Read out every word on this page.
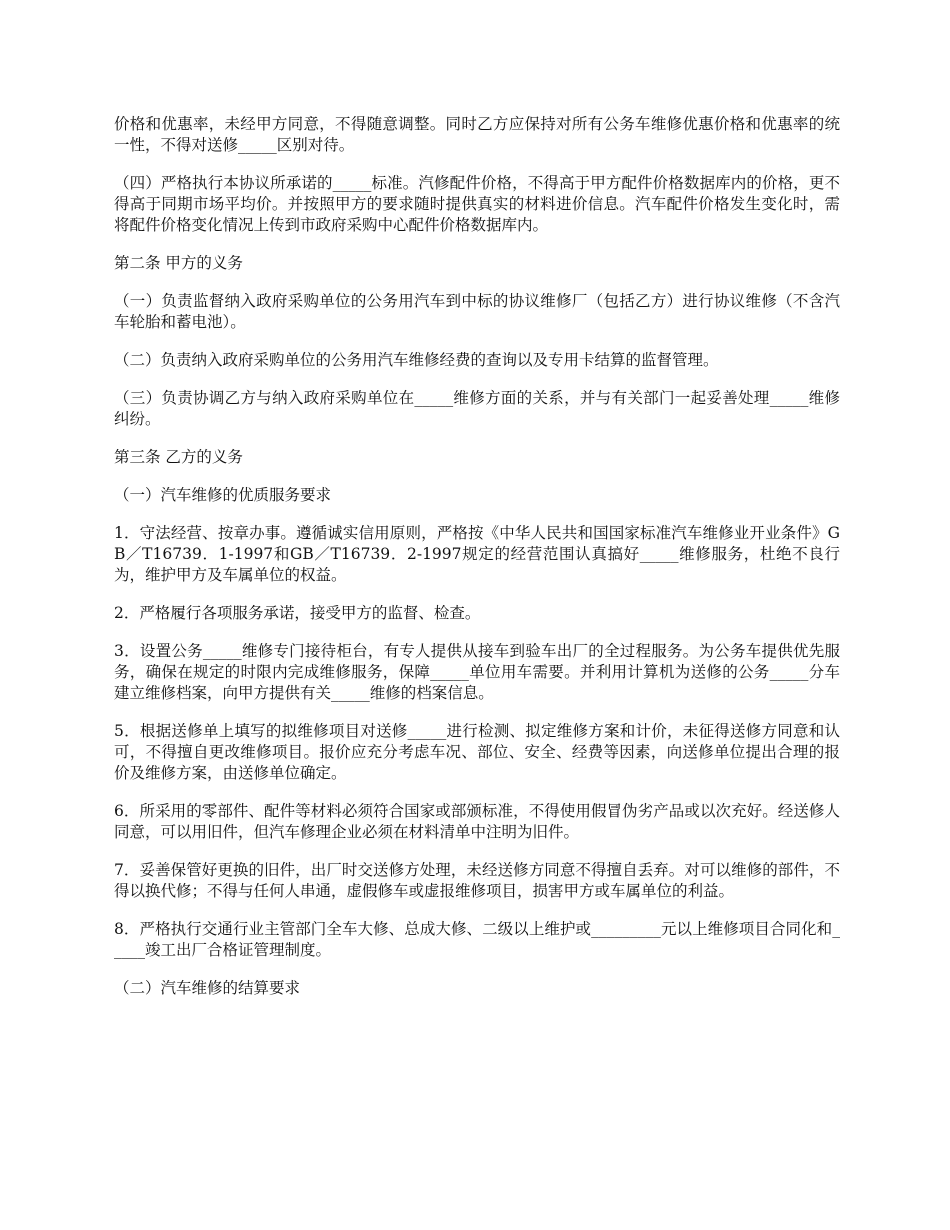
价格和优惠率，未经甲方同意，不得随意调整。同时乙方应保持对所有公务车维修优惠价格和优惠率的统一性，不得对送修_____区别对待。

（四）严格执行本协议所承诺的_____标准。汽修配件价格，不得高于甲方配件价格数据库内的价格，更不得高于同期市场平均价。并按照甲方的要求随时提供真实的材料进价信息。汽车配件价格发生变化时，需将配件价格变化情况上传到市政府采购中心配件价格数据库内。

第二条 甲方的义务

（一）负责监督纳入政府采购单位的公务用汽车到中标的协议维修厂（包括乙方）进行协议维修（不含汽车轮胎和蓄电池）。

（二）负责纳入政府采购单位的公务用汽车维修经费的查询以及专用卡结算的监督管理。

（三）负责协调乙方与纳入政府采购单位在_____维修方面的关系，并与有关部门一起妥善处理_____维修纠纷。

第三条 乙方的义务

（一）汽车维修的优质服务要求

1．守法经营、按章办事。遵循诚实信用原则，严格按《中华人民共和国国家标准汽车维修业开业条件》GB／T16739．1-1997和GB／T16739．2-1997规定的经营范围认真搞好_____维修服务，杜绝不良行为，维护甲方及车属单位的权益。

2．严格履行各项服务承诺，接受甲方的监督、检查。

3．设置公务_____维修专门接待柜台，有专人提供从接车到验车出厂的全过程服务。为公务车提供优先服务，确保在规定的时限内完成维修服务，保障_____单位用车需要。并利用计算机为送修的公务_____分车建立维修档案，向甲方提供有关_____维修的档案信息。

5．根据送修单上填写的拟维修项目对送修_____进行检测、拟定维修方案和计价，未征得送修方同意和认可，不得擅自更改维修项目。报价应充分考虑车况、部位、安全、经费等因素，向送修单位提出合理的报价及维修方案，由送修单位确定。

6．所采用的零部件、配件等材料必须符合国家或部颁标准，不得使用假冒伪劣产品或以次充好。经送修人同意，可以用旧件，但汽车修理企业必须在材料清单中注明为旧件。

7．妥善保管好更换的旧件，出厂时交送修方处理，未经送修方同意不得擅自丢弃。对可以维修的部件，不得以换代修；不得与任何人串通，虚假修车或虚报维修项目，损害甲方或车属单位的利益。

8．严格执行交通行业主管部门全车大修、总成大修、二级以上维护或_________元以上维修项目合同化和_____竣工出厂合格证管理制度。

（二）汽车维修的结算要求
